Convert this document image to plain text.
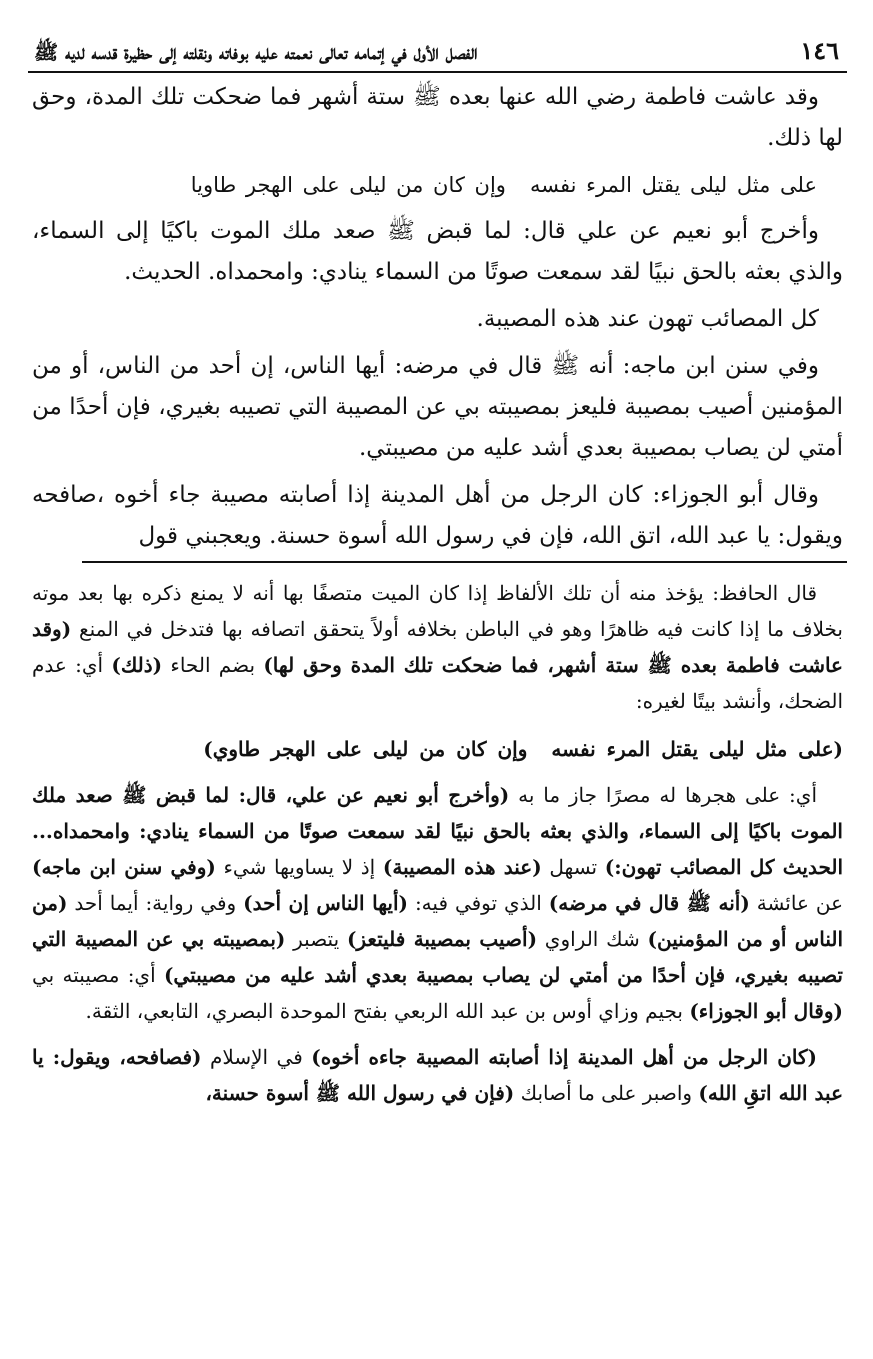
١٤٦
الفصل الأول في إتمامه تعالى نعمته عليه بوفاته ونقلته إلى حظيرة قدسه لديه ﷺ

وقد عاشت فاطمة رضي الله عنها بعده ﷺ ستة أشهر فما ضحكت تلك المدة، وحق لها ذلك.

على مثل ليلى يقتل المرء نفسهوإن كان من ليلى على الهجر طاويا

وأخرج أبو نعيم عن علي قال: لما قبض ﷺ صعد ملك الموت باكيًا إلى السماء، والذي بعثه بالحق نبيًا لقد سمعت صوتًا من السماء ينادي: وامحمداه. الحديث.

كل المصائب تهون عند هذه المصيبة.

وفي سنن ابن ماجه: أنه ﷺ قال في مرضه: أيها الناس، إن أحد من الناس، أو من المؤمنين أصيب بمصيبة فليعز بمصيبته بي عن المصيبة التي تصيبه بغيري، فإن أحدًا من أمتي لن يصاب بمصيبة بعدي أشد عليه من مصيبتي.

وقال أبو الجوزاء: كان الرجل من أهل المدينة إذا أصابته مصيبة جاء أخوه ،صافحه ويقول: يا عبد الله، اتق الله، فإن في رسول الله أسوة حسنة. ويعجبني قول

قال الحافظ: يؤخذ منه أن تلك الألفاظ إذا كان الميت متصفًا بها أنه لا يمنع ذكره بها بعد موته بخلاف ما إذا كانت فيه ظاهرًا وهو في الباطن بخلافه أولاً يتحقق اتصافه بها فتدخل في المنع (وقد عاشت فاطمة بعده ﷺ ستة أشهر، فما ضحكت تلك المدة وحق لها) بضم الحاء (ذلك) أي: عدم الضحك، وأنشد بيتًا لغيره:

(على مثل ليلى يقتل المرء نفسهوإن كان من ليلى على الهجر طاوي)

أي: على هجرها له مصرًا جاز ما به (وأخرج أبو نعيم عن علي، قال: لما قبض ﷺ صعد ملك الموت باكيًا إلى السماء، والذي بعثه بالحق نبيًا لقد سمعت صوتًا من السماء ينادي: وامحمداه... الحديث كل المصائب تهون:) تسهل (عند هذه المصيبة) إذ لا يساويها شيء (وفي سنن ابن ماجه) عن عائشة (أنه ﷺ قال في مرضه) الذي توفي فيه: (أيها الناس إن أحد) وفي رواية: أيما أحد (من الناس أو من المؤمنين) شك الراوي (أصيب بمصيبة فليتعز) يتصبر (بمصيبته بي عن المصيبة التي تصيبه بغيري، فإن أحدًا من أمتي لن يصاب بمصيبة بعدي أشد عليه من مصيبتي) أي: مصيبته بي (وقال أبو الجوزاء) بجيم وزاي أوس بن عبد الله الربعي بفتح الموحدة البصري، التابعي، الثقة.

(كان الرجل من أهل المدينة إذا أصابته المصيبة جاءه أخوه) في الإسلام (فصافحه، ويقول: يا عبد الله اتقِ الله) واصبر على ما أصابك (فإن في رسول الله ﷺ أسوة حسنة،
